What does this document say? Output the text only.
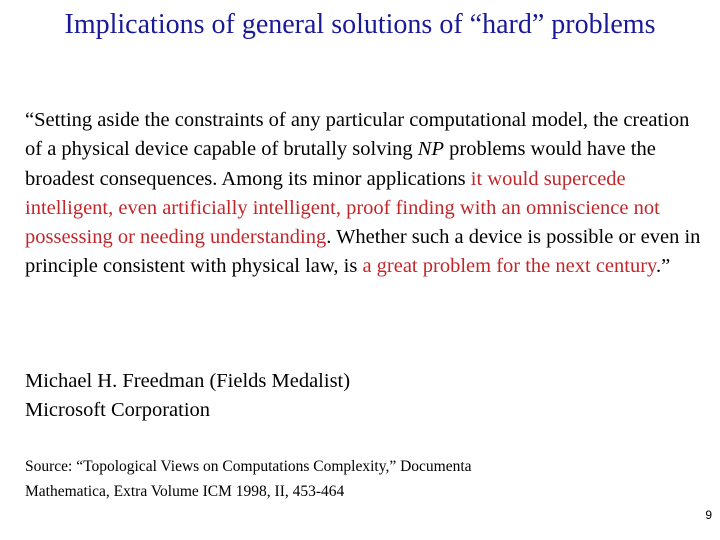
Implications of general solutions of “hard” problems

“Setting aside the constraints of any particular computational model, the creation of a physical device capable of brutally solving NP problems would have the broadest consequences. Among its minor applications it would supercede intelligent, even artificially intelligent, proof finding with an omniscience not possessing or needing understanding. Whether such a device is possible or even in principle consistent with physical law, is a great problem for the next century.”

Michael H. Freedman (Fields Medalist)
Microsoft Corporation
Source: “Topological Views on Computations Complexity,” Documenta
Mathematica, Extra Volume ICM 1998, II, 453-464
9
